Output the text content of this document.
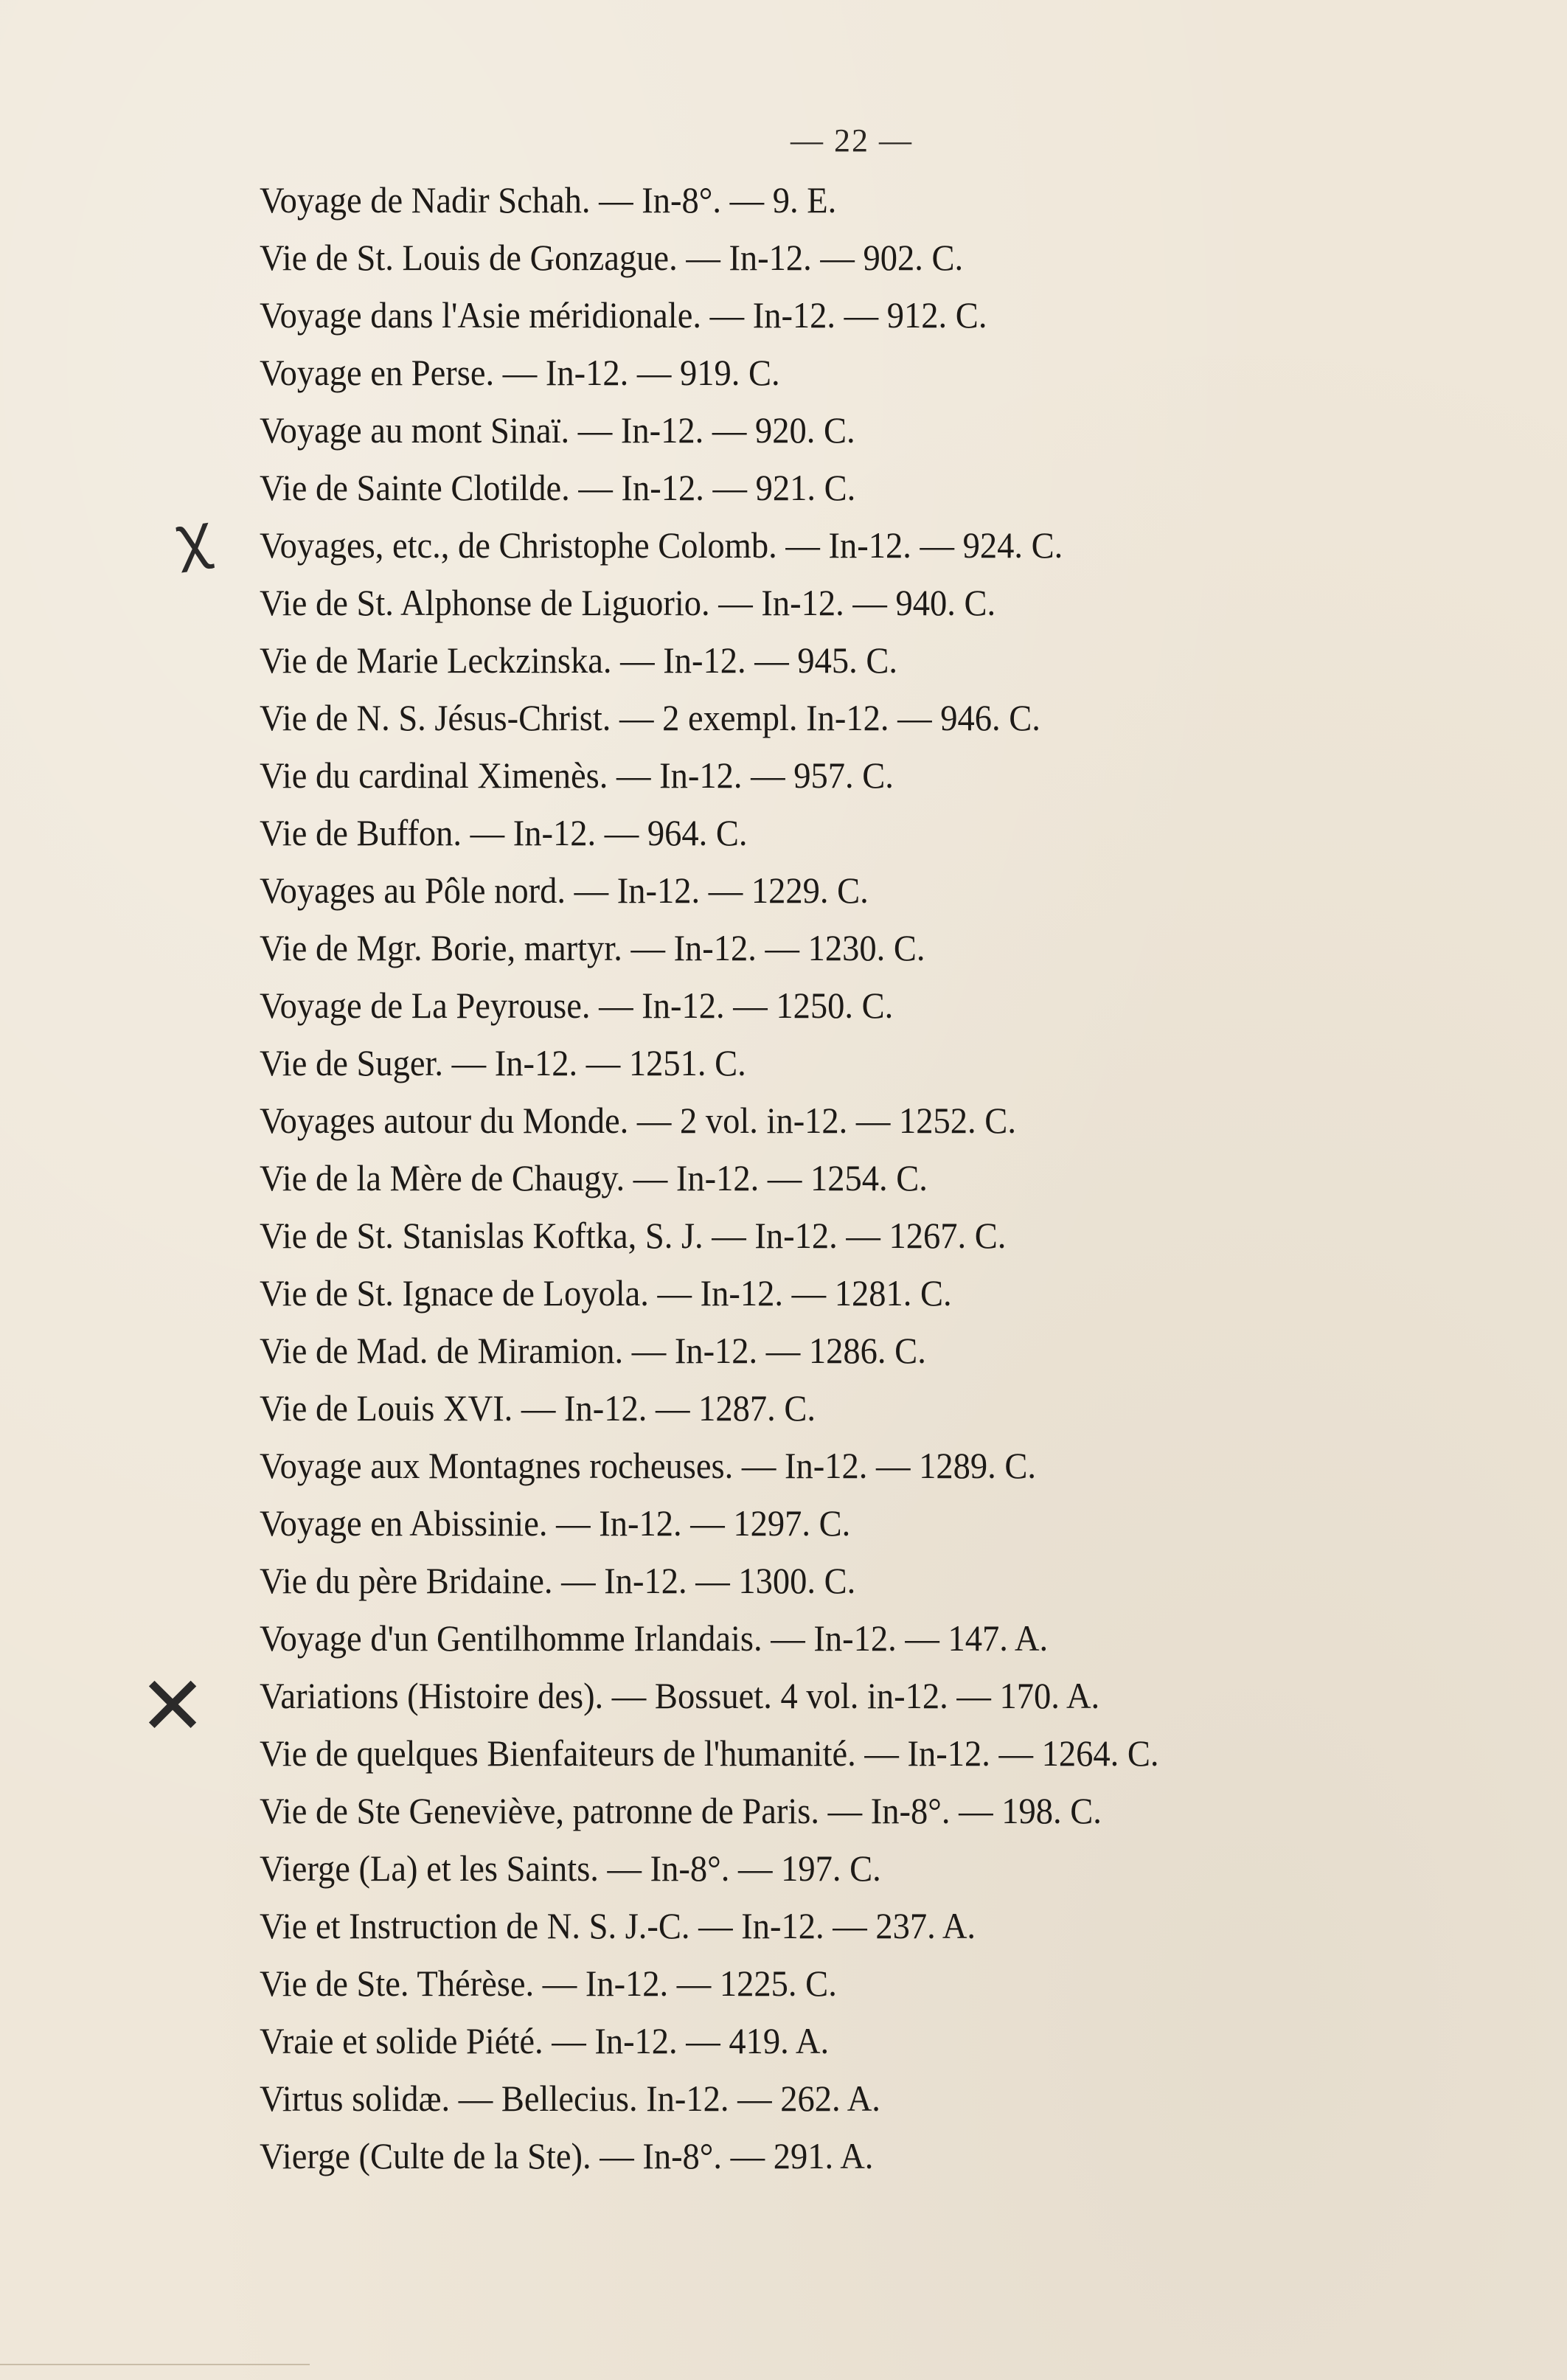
— 22 —
ꭓ
✕
Voyage de Nadir Schah. — In-8°. — 9. E.
Vie de St. Louis de Gonzague. — In-12. — 902. C.
Voyage dans l'Asie méridionale. — In-12. — 912. C.
Voyage en Perse. — In-12. — 919. C.
Voyage au mont Sinaï. — In-12. — 920. C.
Vie de Sainte Clotilde. — In-12. — 921. C.
Voyages, etc., de Christophe Colomb. — In-12. — 924. C.
Vie de St. Alphonse de Liguorio. — In-12. — 940. C.
Vie de Marie Leckzinska. — In-12. — 945. C.
Vie de N. S. Jésus-Christ. — 2 exempl. In-12. — 946. C.
Vie du cardinal Ximenès. — In-12. — 957. C.
Vie de Buffon. — In-12. — 964. C.
Voyages au Pôle nord. — In-12. — 1229. C.
Vie de Mgr. Borie, martyr. — In-12. — 1230. C.
Voyage de La Peyrouse. — In-12. — 1250. C.
Vie de Suger. — In-12. — 1251. C.
Voyages autour du Monde. — 2 vol. in-12. — 1252. C.
Vie de la Mère de Chaugy. — In-12. — 1254. C.
Vie de St. Stanislas Koftka, S. J. — In-12. — 1267. C.
Vie de St. Ignace de Loyola. — In-12. — 1281. C.
Vie de Mad. de Miramion. — In-12. — 1286. C.
Vie de Louis XVI. — In-12. — 1287. C.
Voyage aux Montagnes rocheuses. — In-12. — 1289. C.
Voyage en Abissinie. — In-12. — 1297. C.
Vie du père Bridaine. — In-12. — 1300. C.
Voyage d'un Gentilhomme Irlandais. — In-12. — 147. A.
Variations (Histoire des). — Bossuet. 4 vol. in-12. — 170. A.
Vie de quelques Bienfaiteurs de l'humanité. — In-12. — 1264. C.
Vie de Ste Geneviève, patronne de Paris. — In-8°. — 198. C.
Vierge (La) et les Saints. — In-8°. — 197. C.
Vie et Instruction de N. S. J.-C. — In-12. — 237. A.
Vie de Ste. Thérèse. — In-12. — 1225. C.
Vraie et solide Piété. — In-12. — 419. A.
Virtus solidæ. — Bellecius. In-12. — 262. A.
Vierge (Culte de la Ste). — In-8°. — 291. A.
